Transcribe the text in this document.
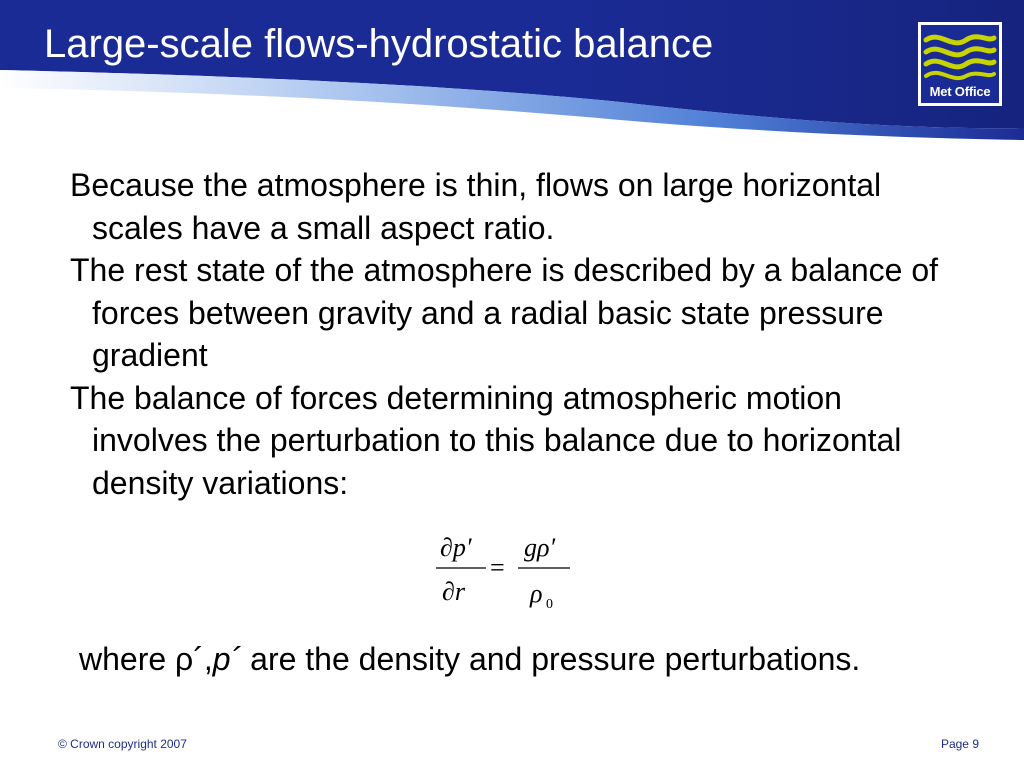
Large-scale flows-hydrostatic balance
Met Office

Because the atmosphere is thin, flows on large horizontal scales have a small aspect ratio.

The rest state of the atmosphere is described by a balance of forces between gravity and a radial basic state pressure gradient

The balance of forces determining atmospheric motion involves the perturbation to this balance due to horizontal density variations:

∂p′
∂r
=
gρ′
ρ 0

where ρ´,p´ are the density and pressure perturbations.

© Crown copyright 2007	Page 9
